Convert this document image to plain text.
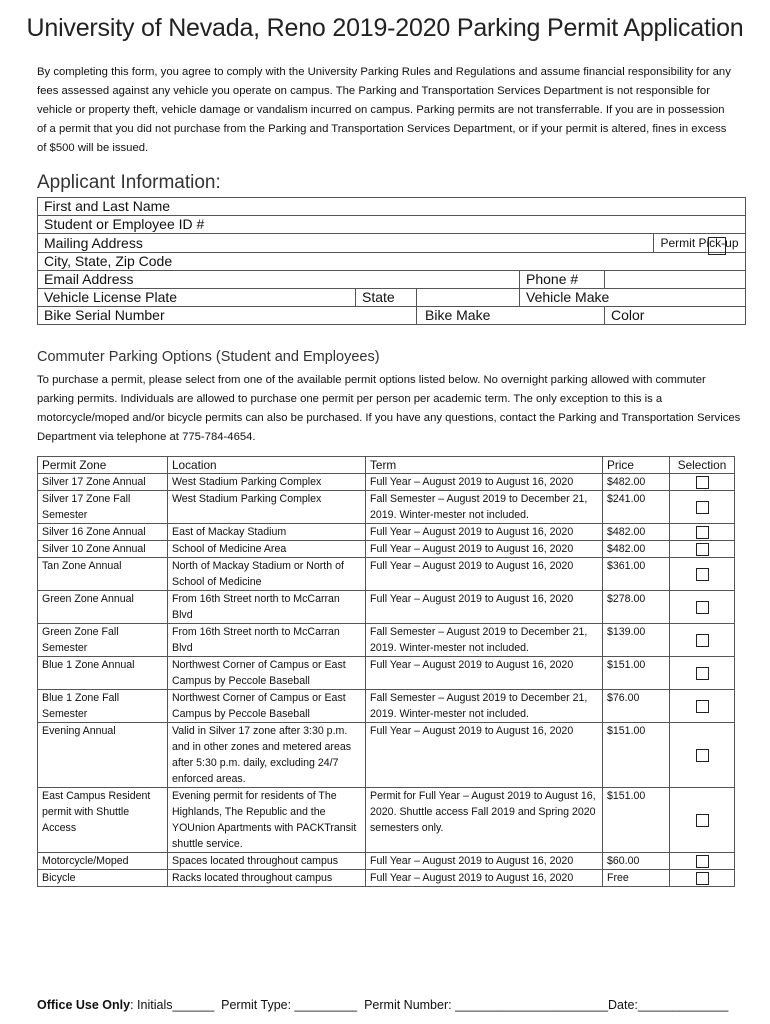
University of Nevada, Reno 2019-2020 Parking Permit Application
By completing this form, you agree to comply with the University Parking Rules and Regulations and assume financial responsibility for any fees assessed against any vehicle you operate on campus. The Parking and Transportation Services Department is not responsible for vehicle or property theft, vehicle damage or vandalism incurred on campus. Parking permits are not transferrable. If you are in possession of a permit that you did not purchase from the Parking and Transportation Services Department, or if your permit is altered, fines in excess of $500 will be issued.
Applicant Information:
First and Last Name					
Student or Employee ID #					
Mailing Address					Permit Pick-up
City, State, Zip Code					
Email Address			Phone #		
Vehicle License Plate	State		Vehicle Make		
Bike Serial Number		Bike Make		Color	
Commuter Parking Options (Student and Employees)
To purchase a permit, please select from one of the available permit options listed below. No overnight parking allowed with commuter parking permits. Individuals are allowed to purchase one permit per person per academic term. The only exception to this is a motorcycle/moped and/or bicycle permits can also be purchased. If you have any questions, contact the Parking and Transportation Services Department via telephone at 775-784-4654.
Permit Zone	Location	Term	Price	Selection
Silver 17 Zone Annual	West Stadium Parking Complex	Full Year – August 2019 to August 16, 2020	$482.00	
Silver 17 Zone Fall Semester	West Stadium Parking Complex	Fall Semester – August 2019 to December 21, 2019. Winter-mester not included.	$241.00	
Silver 16 Zone Annual	East of Mackay Stadium	Full Year – August 2019 to August 16, 2020	$482.00	
Silver 10 Zone Annual	School of Medicine Area	Full Year – August 2019 to August 16, 2020	$482.00	
Tan Zone Annual	North of Mackay Stadium or North of School of Medicine	Full Year – August 2019 to August 16, 2020	$361.00	
Green Zone Annual	From 16th Street north to McCarran Blvd	Full Year – August 2019 to August 16, 2020	$278.00	
Green Zone Fall Semester	From 16th Street north to McCarran Blvd	Fall Semester – August 2019 to December 21, 2019. Winter-mester not included.	$139.00	
Blue 1 Zone Annual	Northwest Corner of Campus or East Campus by Peccole Baseball	Full Year – August 2019 to August 16, 2020	$151.00	
Blue 1 Zone Fall Semester	Northwest Corner of Campus or East Campus by Peccole Baseball	Fall Semester – August 2019 to December 21, 2019. Winter-mester not included.	$76.00	
Evening Annual	Valid in Silver 17 zone after 3:30 p.m. and in other zones and metered areas after 5:30 p.m. daily, excluding 24/7 enforced areas.	Full Year – August 2019 to August 16, 2020	$151.00	
East Campus Resident permit with Shuttle Access	Evening permit for residents of The Highlands, The Republic and the YOUnion Apartments with PACKTransit shuttle service.	Permit for Full Year – August 2019 to August 16, 2020. Shuttle access Fall 2019 and Spring 2020 semesters only.	$151.00	
Motorcycle/Moped	Spaces located throughout campus	Full Year – August 2019 to August 16, 2020	$60.00	
Bicycle	Racks located throughout campus	Full Year – August 2019 to August 16, 2020	Free	
Office Use Only: Initials______ Permit Type: _________ Permit Number: ______________________Date:_____________
